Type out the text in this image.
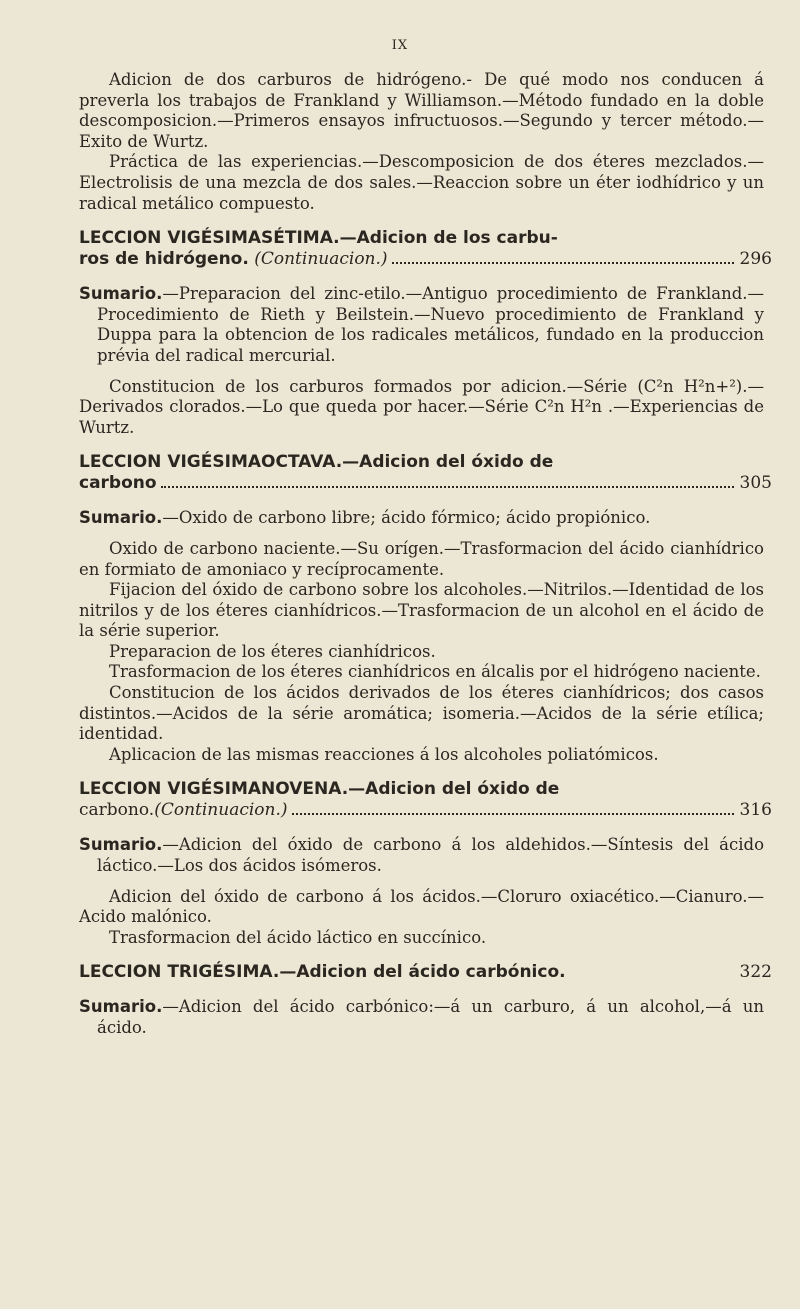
IX

Adicion de dos carburos de hidrógeno.- De qué modo nos conducen á preverla los trabajos de Frankland y Williamson.—Método fundado en la doble descomposicion.—Primeros ensayos infructuosos.—Segundo y tercer método.—Exito de Wurtz.

Práctica de las experiencias.—Descomposicion de dos éteres mezclados.—Electrolisis de una mezcla de dos sales.—Reaccion sobre un éter iodhídrico y un radical metálico compuesto.

LECCION VIGÉSIMASÉTIMA.—Adicion de los carbu-
ros de hidrógeno.
(Continuacion.)	296

Sumario.—Preparacion del zinc-etilo.—Antiguo procedimiento de Frankland.—Procedimiento de Rieth y Beilstein.—Nuevo procedimiento de Frankland y Duppa para la obtencion de los radicales metálicos, fundado en la produccion prévia del radical mercurial.

Constitucion de los carburos formados por adicion.—Série (C²n H²n+²).—Derivados clorados.—Lo que queda por hacer.—Série C²n H²n .—Experiencias de Wurtz.

LECCION VIGÉSIMAOCTAVA.—Adicion del óxido de
carbono	305

Sumario.—Oxido de carbono libre; ácido fórmico; ácido propiónico.

Oxido de carbono naciente.—Su orígen.—Trasformacion del ácido cianhídrico en formiato de amoniaco y recíprocamente.

Fijacion del óxido de carbono sobre los alcoholes.—Nitrilos.—Identidad de los nitrilos y de los éteres cianhídricos.—Trasformacion de un alcohol en el ácido de la série superior.

Preparacion de los éteres cianhídricos.

Trasformacion de los éteres cianhídricos en álcalis por el hidrógeno naciente.

Constitucion de los ácidos derivados de los éteres cianhídricos; dos casos distintos.—Acidos de la série aromática; isomeria.—Acidos de la série etílica; identidad.

Aplicacion de las mismas reacciones á los alcoholes poliatómicos.

LECCION VIGÉSIMANOVENA.—Adicion del óxido de
carbono. (Continuacion.)	316

Sumario.—Adicion del óxido de carbono á los aldehidos.—Síntesis del ácido láctico.—Los dos ácidos isómeros.

Adicion del óxido de carbono á los ácidos.—Cloruro oxiacético.—Cianuro.—Acido malónico.

Trasformacion del ácido láctico en succínico.

LECCION TRIGÉSIMA. —Adicion del ácido carbónico.	322

Sumario.—Adicion del ácido carbónico:—á un carburo, á un alcohol,—á un ácido.
